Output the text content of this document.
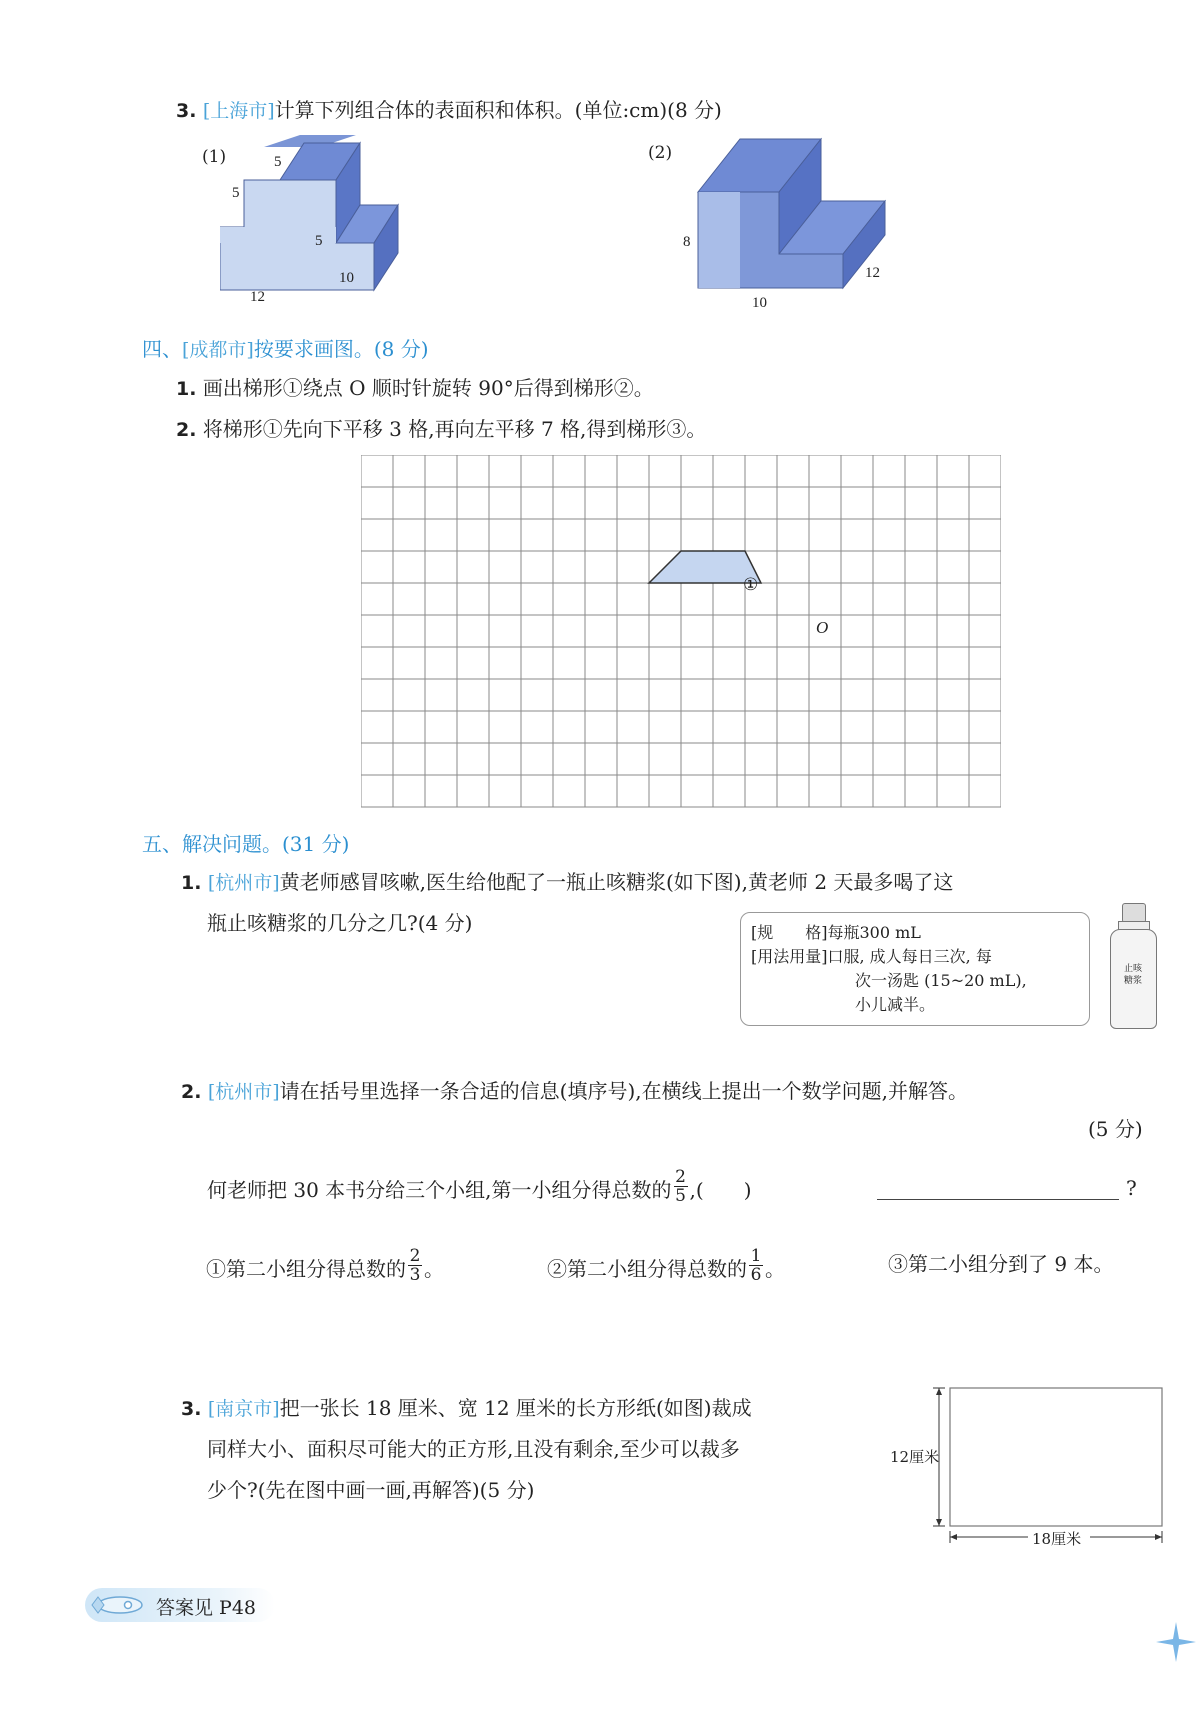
3. [上海市]计算下列组合体的表面积和体积。(单位:cm)(8 分)
(1)	(2)
5
5
5
12
10
8
12
10
四、[成都市]按要求画图。(8 分)
1. 画出梯形①绕点 O 顺时针旋转 90°后得到梯形②。
2. 将梯形①先向下平移 3 格,再向左平移 7 格,得到梯形③。
①
O
五、解决问题。(31 分)
1. [杭州市]黄老师感冒咳嗽,医生给他配了一瓶止咳糖浆(如下图),黄老师 2 天最多喝了这
瓶止咳糖浆的几分之几?(4 分)	[规　　格]每瓶300 mL
[用法用量]口服, 成人每日三次, 每
次一汤匙 (15~20 mL),
小儿减半。
止咳糖浆
2. [杭州市]请在括号里选择一条合适的信息(填序号),在横线上提出一个数学问题,并解答。
(5 分)
何老师把 30 本书分给三个小组,第一小组分得总数的 $\frac{2}{5}$ ,(　　)	?
①第二小组分得总数的 $\frac{2}{3}$ 。	②第二小组分得总数的 $\frac{1}{6}$ 。	③第二小组分到了 9 本。
3. [南京市]把一张长 18 厘米、宽 12 厘米的长方形纸(如图)裁成
同样大小、面积尽可能大的正方形,且没有剩余,至少可以裁多
少个?(先在图中画一画,再解答)(5 分)
18厘米
12厘米
答案见 P48
